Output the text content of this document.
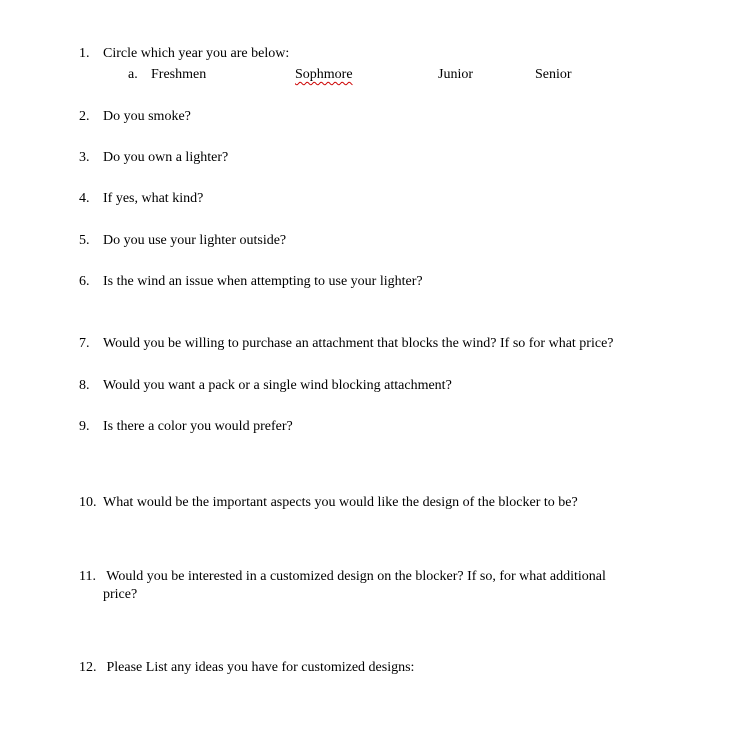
1. Circle which year you are below:
a. Freshmen	Sophmore	Junior	Senior
2. Do you smoke?
3. Do you own a lighter?
4. If yes, what kind?
5. Do you use your lighter outside?
6. Is the wind an issue when attempting to use your lighter?
7. Would you be willing to purchase an attachment that blocks the wind? If so for what price?
8. Would you want a pack or a single wind blocking attachment?
9. Is there a color you would prefer?
10. What would be the important aspects you would like the design of the blocker to be?
11. Would you be interested in a customized design on the blocker? If so, for what additional
price?
12. Please List any ideas you have for customized designs:
